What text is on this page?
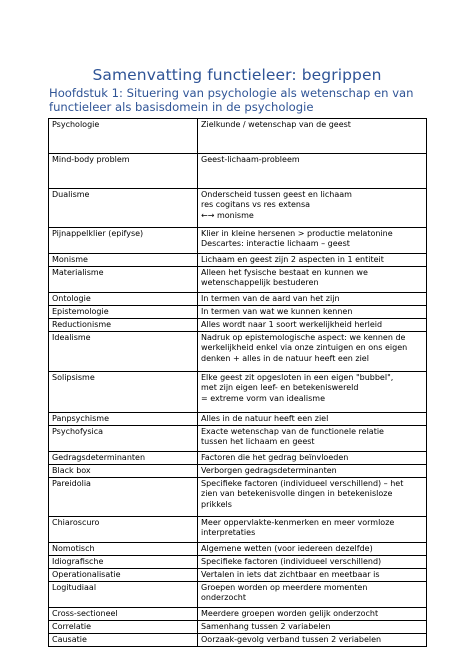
Samenvatting functieleer: begrippen
Hoofdstuk 1: Situering van psychologie als wetenschap en van functieleer als basisdomein in de psychologie
Psychologie	Zielkunde / wetenschap van de geest
Mind-body problem	Geest-lichaam-probleem
Dualisme	Onderscheid tussen geest en lichaam
res cogitans vs res extensa
←→ monisme
Pijnappelklier (epifyse)	Klier in kleine hersenen > productie melatonine
Descartes: interactie lichaam – geest
Monisme	Lichaam en geest zijn 2 aspecten in 1 entiteit
Materialisme	Alleen het fysische bestaat en kunnen we
wetenschappelijk bestuderen
Ontologie	In termen van de aard van het zijn
Epistemologie	In termen van wat we kunnen kennen
Reductionisme	Alles wordt naar 1 soort werkelijkheid herleid
Idealisme	Nadruk op epistemologische aspect: we kennen de
werkelijkheid enkel via onze zintuigen en ons eigen
denken + alles in de natuur heeft een ziel
Solipsisme	Elke geest zit opgesloten in een eigen "bubbel",
met zijn eigen leef- en betekeniswereld
= extreme vorm van idealisme
Panpsychisme	Alles in de natuur heeft een ziel
Psychofysica	Exacte wetenschap van de functionele relatie
tussen het lichaam en geest
Gedragsdeterminanten	Factoren die het gedrag beïnvloeden
Black box	Verborgen gedragsdeterminanten
Pareidolia	Specifieke factoren (individueel verschillend) – het
zien van betekenisvolle dingen in betekenisloze
prikkels
Chiaroscuro	Meer oppervlakte-kenmerken en meer vormloze
interpretaties
Nomotisch	Algemene wetten (voor iedereen dezelfde)
Idiografische	Specifieke factoren (individueel verschillend)
Operationalisatie	Vertalen in iets dat zichtbaar en meetbaar is
Logitudiaal	Groepen worden op meerdere momenten
onderzocht
Cross-sectioneel	Meerdere groepen worden gelijk onderzocht
Correlatie	Samenhang tussen 2 variabelen
Causatie	Oorzaak-gevolg verband tussen 2 veriabelen
